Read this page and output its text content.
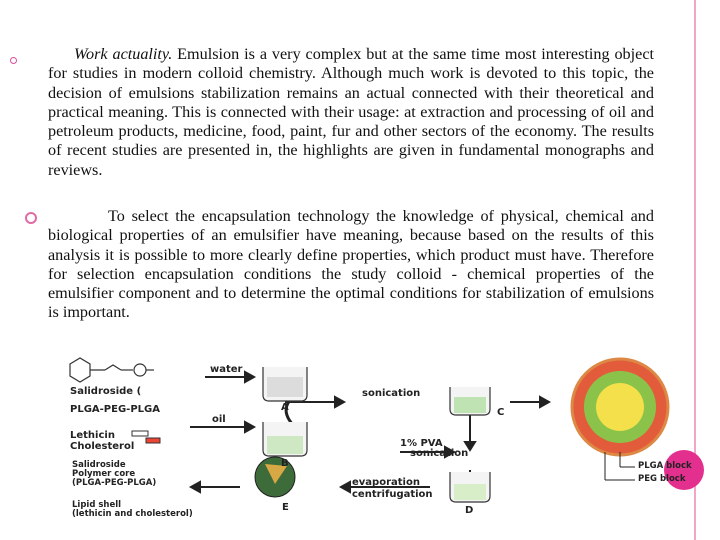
Work actuality. Emulsion is a very complex but at the same time most interesting object for studies in modern colloid chemistry. Although much work is devoted to this topic, the decision of emulsions stabilization remains an actual connected with their theoretical and practical meaning. This is connected with their usage: at extraction and processing of oil and petroleum products, medicine, food, paint, fur and other sectors of the economy. The results of recent studies are presented in, the highlights are given in fundamental monographs and reviews.

To select the encapsulation technology the knowledge of physical, chemical and biological properties of an emulsifier have meaning, because based on the results of this analysis it is possible to more clearly define properties, which product must have. Therefore for selection encapsulation conditions the study colloid - chemical properties of the emulsifier component and to determine the optimal conditions for stabilization of emulsions is important.

Salidroside (
PLGA-PEG-PLGA
Lethicin
Cholesterol
water
oil
sonication
1% PVA
sonication
evaporation
centrifugation
Salidroside
Polymer core
(PLGA-PEG-PLGA)
Lipid shell
(lethicin and cholesterol)
PLGA block
PEG block
A
B
C
D
E
